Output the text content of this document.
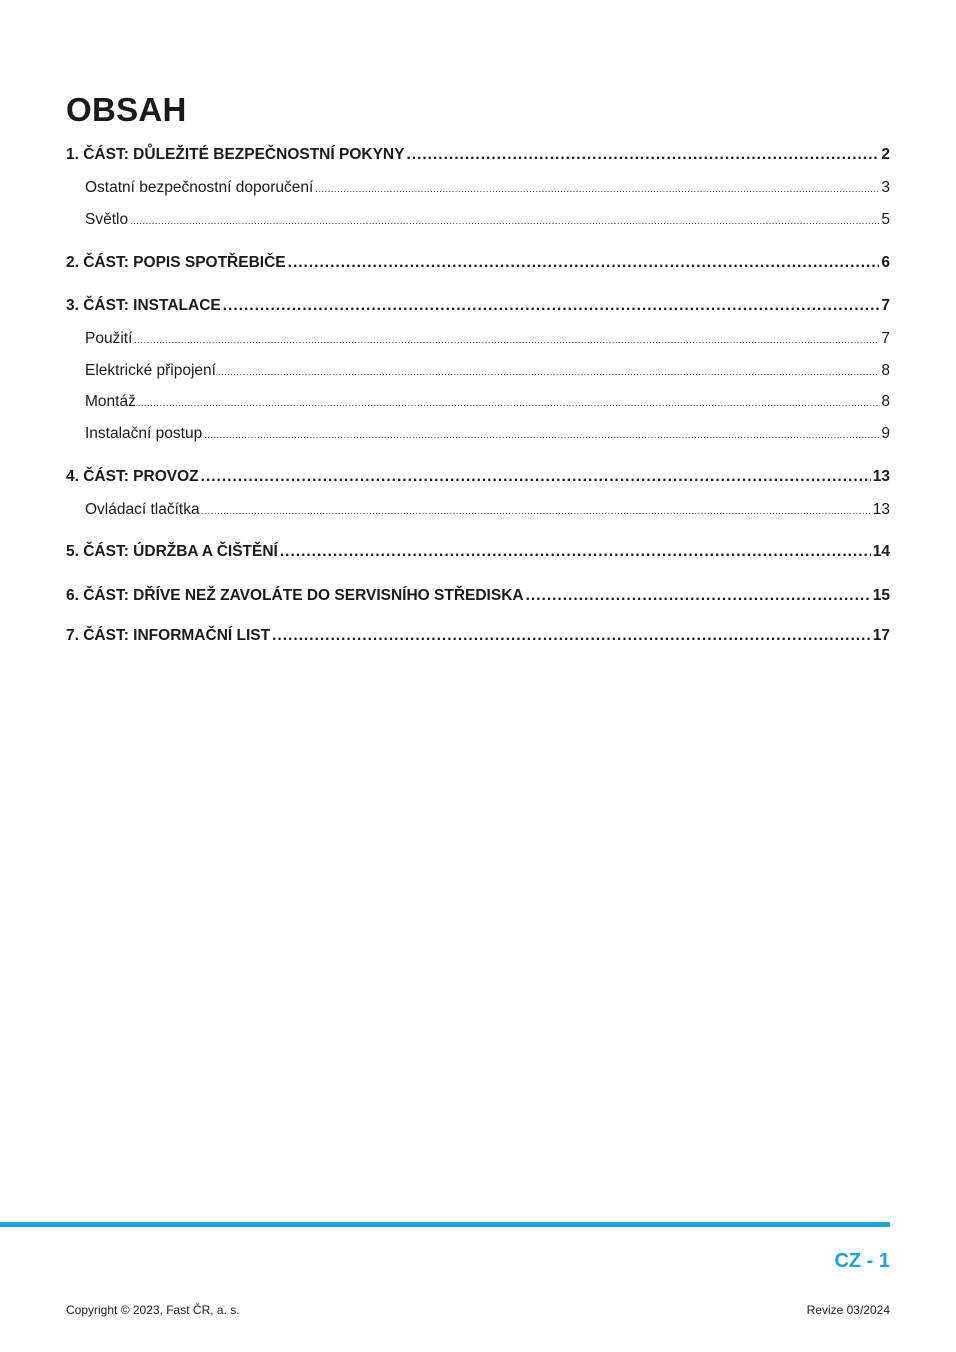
OBSAH
1. ČÁST: DŮLEŽITÉ BEZPEČNOSTNÍ POKYNY .....	2
Ostatní bezpečnostní doporučení .....	3
Světlo .....	5
2. ČÁST: POPIS SPOTŘEBIČE .....	6
3. ČÁST: INSTALACE .....	7
Použití .....	7
Elektrické připojení .....	8
Montáž .....	8
Instalační postup .....	9
4. ČÁST: PROVOZ .....	13
Ovládací tlačítka .....	13
5. ČÁST: ÚDRŽBA A ČIŠTĚNÍ .....	14
6. ČÁST: DŘÍVE NEŽ ZAVOLÁTE DO SERVISNÍHO STŘEDISKA .....	15
7. ČÁST: INFORMAČNÍ LIST .....	17
CZ - 1
Copyright © 2023, Fast ČR, a. s.	Revize 03/2024
